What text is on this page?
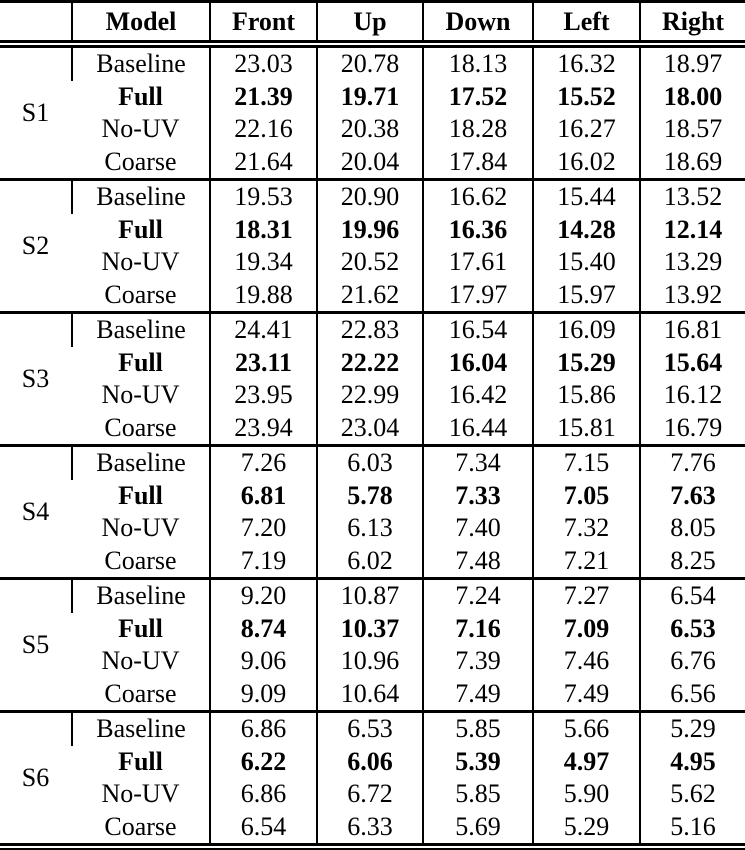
	Model	Front	Up	Down	Left	Right
S1	Baseline	23.03	20.78	18.13	16.32	18.97
	Full	21.39	19.71	17.52	15.52	18.00
	No-UV	22.16	20.38	18.28	16.27	18.57
	Coarse	21.64	20.04	17.84	16.02	18.69
S2	Baseline	19.53	20.90	16.62	15.44	13.52
	Full	18.31	19.96	16.36	14.28	12.14
	No-UV	19.34	20.52	17.61	15.40	13.29
	Coarse	19.88	21.62	17.97	15.97	13.92
S3	Baseline	24.41	22.83	16.54	16.09	16.81
	Full	23.11	22.22	16.04	15.29	15.64
	No-UV	23.95	22.99	16.42	15.86	16.12
	Coarse	23.94	23.04	16.44	15.81	16.79
S4	Baseline	7.26	6.03	7.34	7.15	7.76
	Full	6.81	5.78	7.33	7.05	7.63
	No-UV	7.20	6.13	7.40	7.32	8.05
	Coarse	7.19	6.02	7.48	7.21	8.25
S5	Baseline	9.20	10.87	7.24	7.27	6.54
	Full	8.74	10.37	7.16	7.09	6.53
	No-UV	9.06	10.96	7.39	7.46	6.76
	Coarse	9.09	10.64	7.49	7.49	6.56
S6	Baseline	6.86	6.53	5.85	5.66	5.29
	Full	6.22	6.06	5.39	4.97	4.95
	No-UV	6.86	6.72	5.85	5.90	5.62
	Coarse	6.54	6.33	5.69	5.29	5.16
